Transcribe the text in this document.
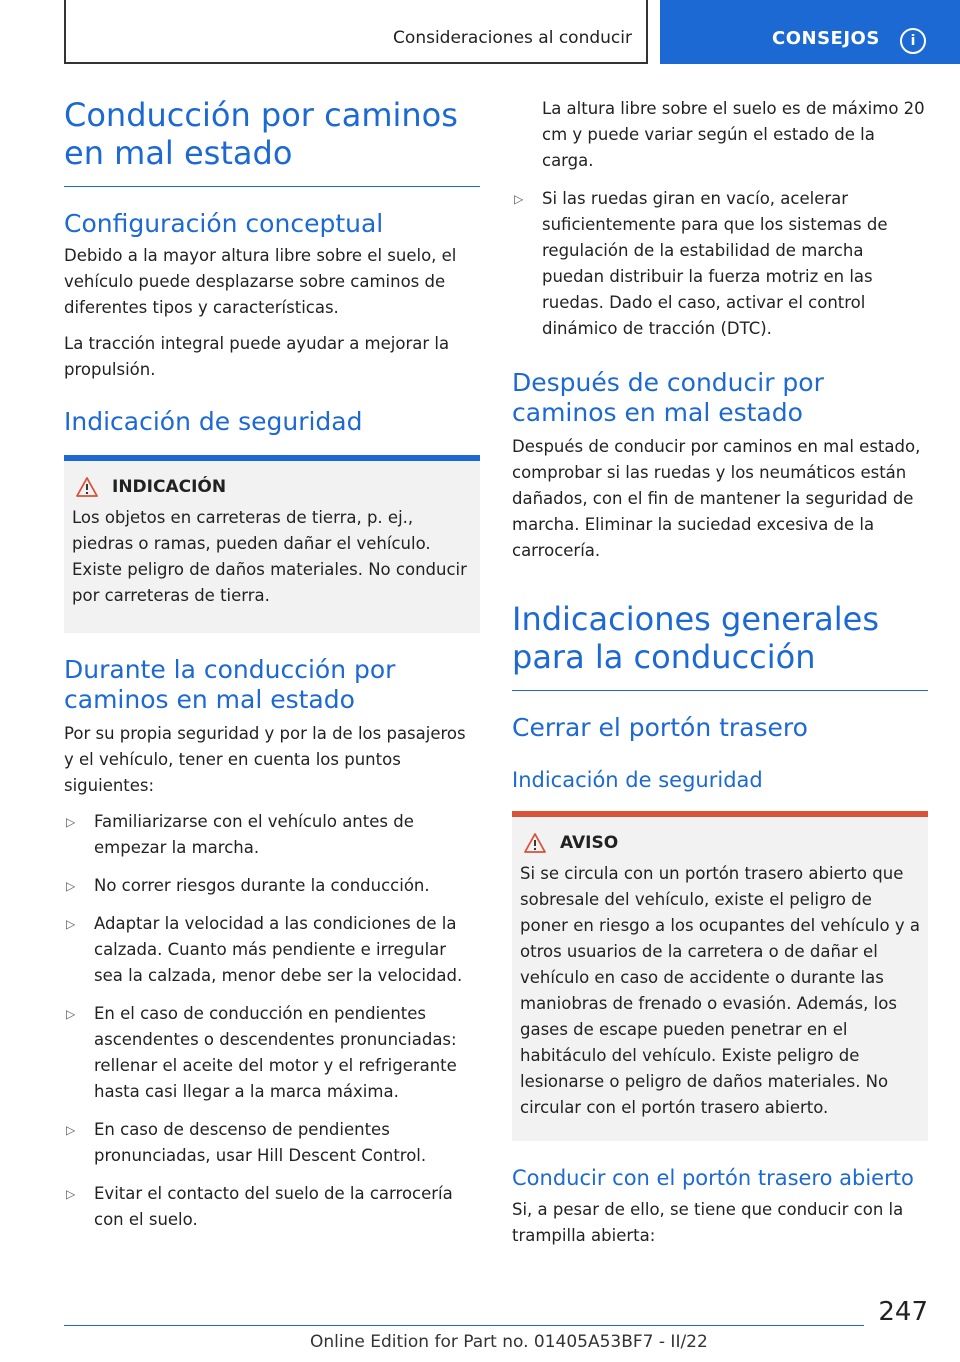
Consideraciones al conducir	CONSEJOS	i
Conducción por caminos en mal estado
Configuración conceptual

Debido a la mayor altura libre sobre el suelo, el vehículo puede desplazarse sobre caminos de diferentes tipos y características.

La tracción integral puede ayudar a mejorar la propulsión.

Indicación de seguridad
INDICACIÓN

Los objetos en carreteras de tierra, p. ej., piedras o ramas, pueden dañar el vehículo. Existe peligro de daños materiales. No conducir por carreteras de tierra.

Durante la conducción por caminos en mal estado

Por su propia seguridad y por la de los pasajeros y el vehículo, tener en cuenta los puntos siguientes:

▷ Familiarizarse con el vehículo antes de empezar la marcha.
▷ No correr riesgos durante la conducción.
▷ Adaptar la velocidad a las condiciones de la calzada. Cuanto más pendiente e irregular sea la calzada, menor debe ser la velocidad.
▷ En el caso de conducción en pendientes ascendentes o descendentes pronunciadas: rellenar el aceite del motor y el refrigerante hasta casi llegar a la marca máxima.
▷ En caso de descenso de pendientes pronunciadas, usar Hill Descent Control.
▷ Evitar el contacto del suelo de la carrocería con el suelo.
La altura libre sobre el suelo es de máximo 20 cm y puede variar según el estado de la carga.
▷ Si las ruedas giran en vacío, acelerar suficientemente para que los sistemas de regulación de la estabilidad de marcha puedan distribuir la fuerza motriz en las ruedas. Dado el caso, activar el control dinámico de tracción (DTC).
Después de conducir por caminos en mal estado

Después de conducir por caminos en mal estado, comprobar si las ruedas y los neumáticos están dañados, con el fin de mantener la seguridad de marcha. Eliminar la suciedad excesiva de la carrocería.

Indicaciones generales para la conducción
Cerrar el portón trasero
Indicación de seguridad
AVISO

Si se circula con un portón trasero abierto que sobresale del vehículo, existe el peligro de poner en riesgo a los ocupantes del vehículo y a otros usuarios de la carretera o de dañar el vehículo en caso de accidente o durante las maniobras de frenado o evasión. Además, los gases de escape pueden penetrar en el habitáculo del vehículo. Existe peligro de lesionarse o peligro de daños materiales. No circular con el portón trasero abierto.

Conducir con el portón trasero abierto

Si, a pesar de ello, se tiene que conducir con la trampilla abierta:

247
Online Edition for Part no. 01405A53BF7 - II/22
